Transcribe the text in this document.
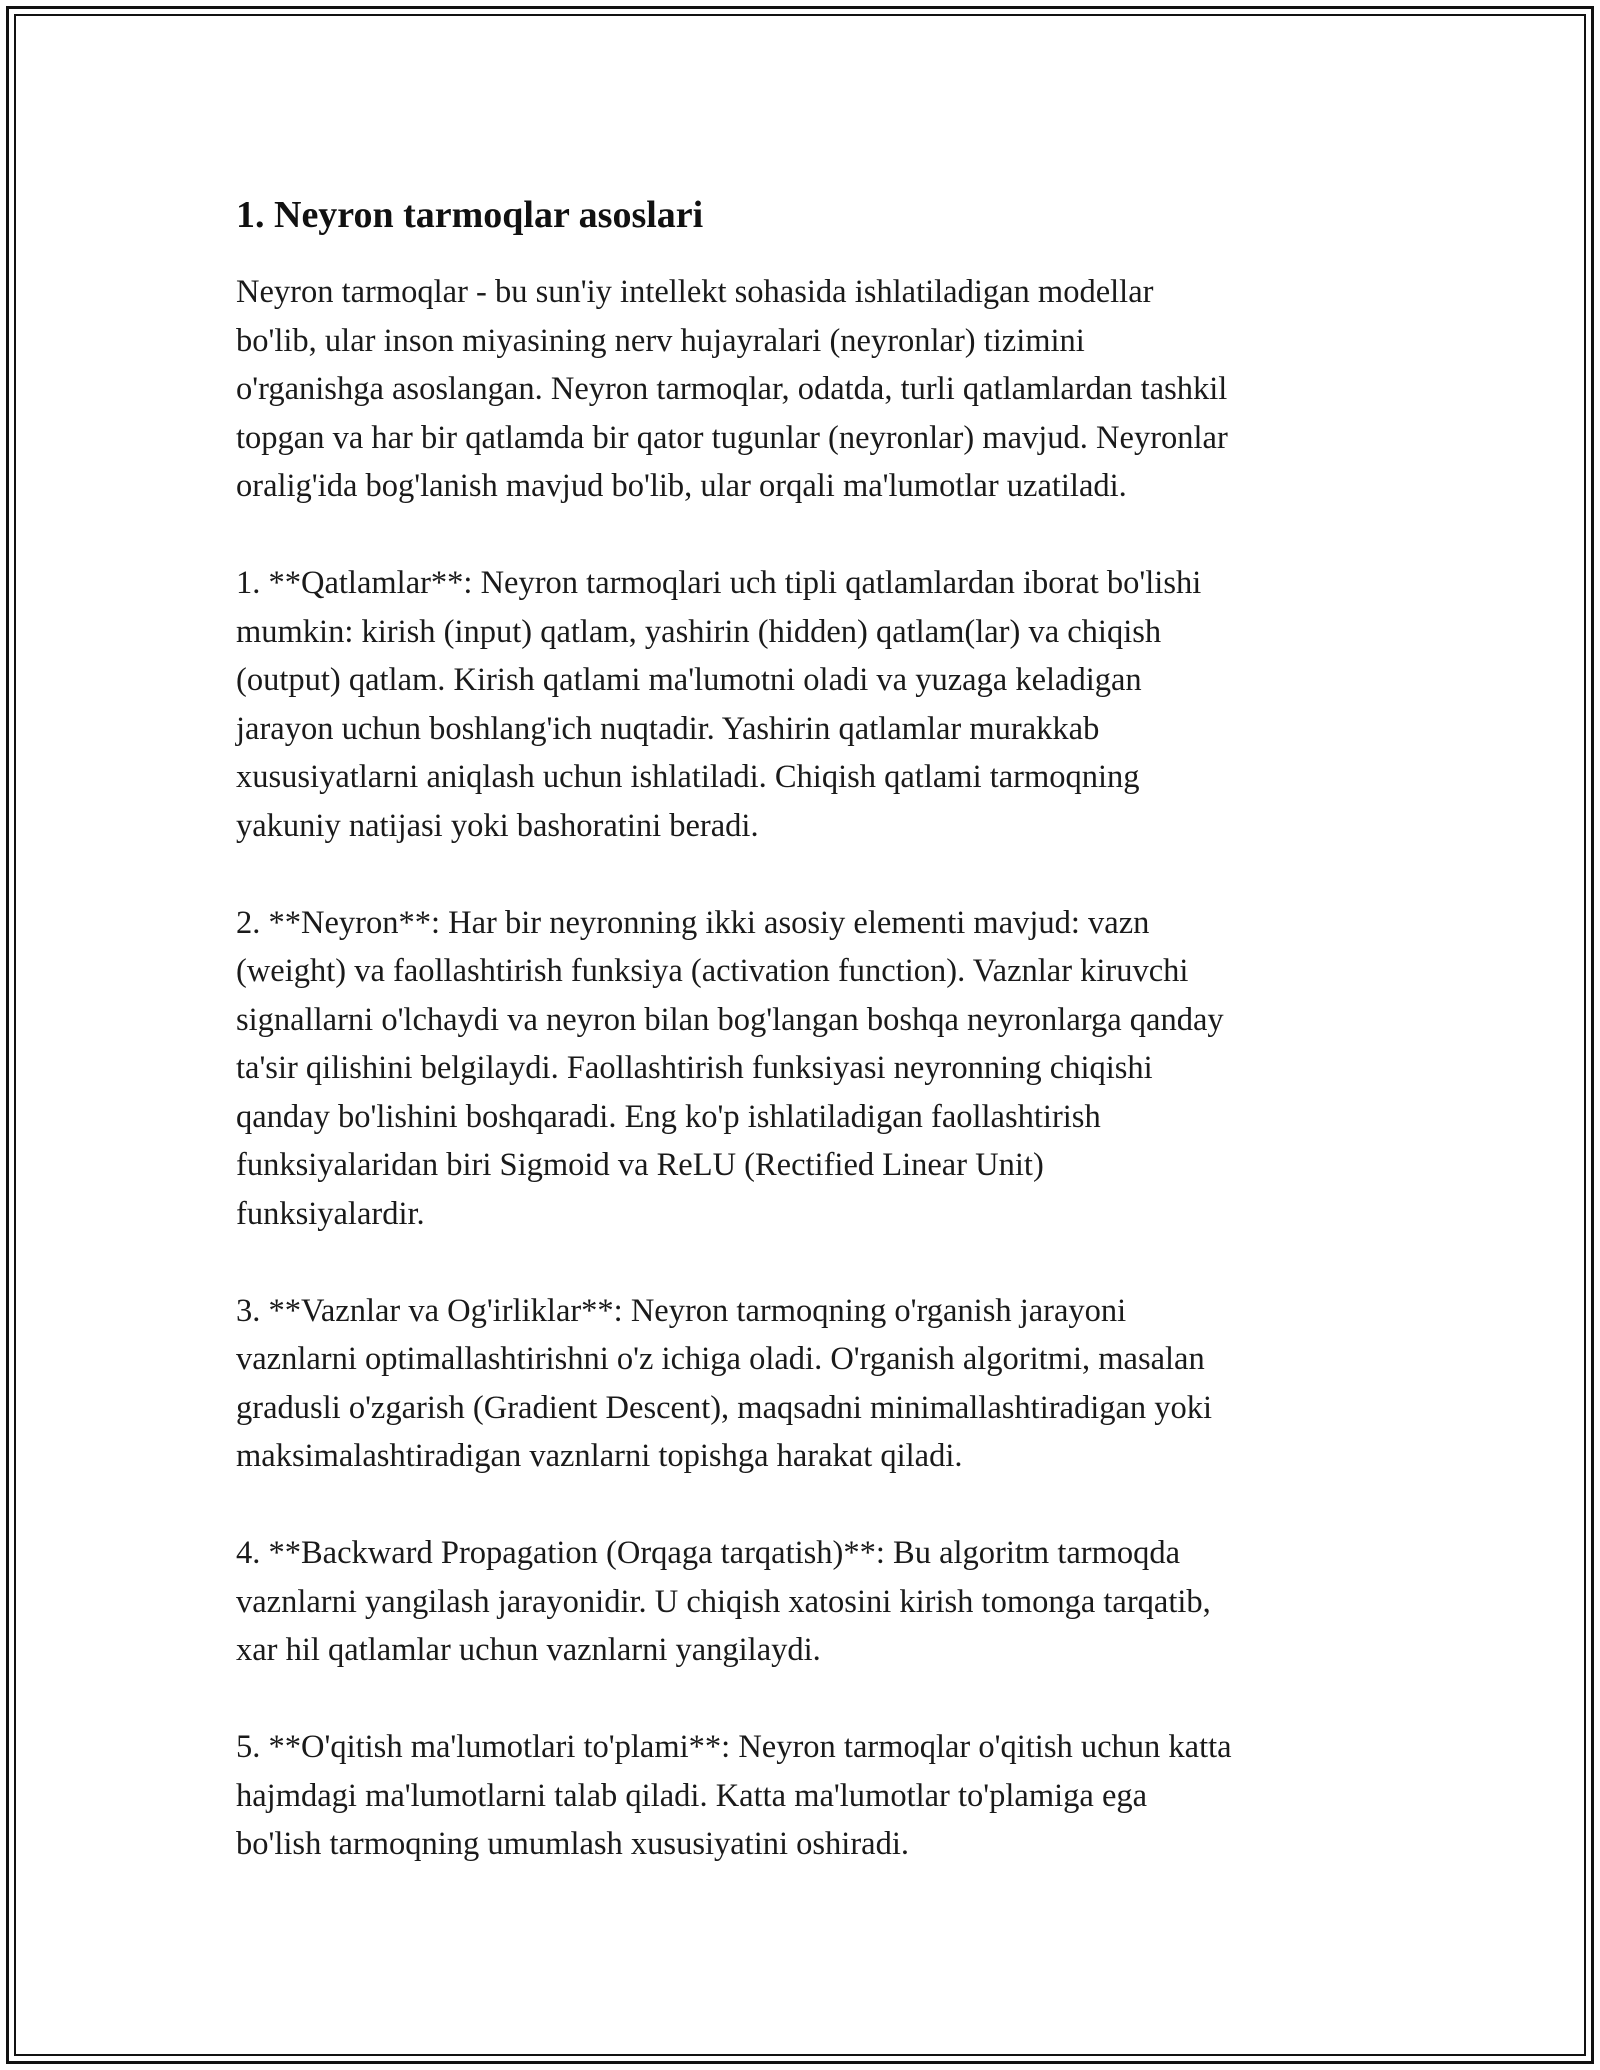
1. Neyron tarmoqlar asoslari

Neyron tarmoqlar - bu sun'iy intellekt sohasida ishlatiladigan modellar
bo'lib, ular inson miyasining nerv hujayralari (neyronlar) tizimini
o'rganishga asoslangan. Neyron tarmoqlar, odatda, turli qatlamlardan tashkil
topgan va har bir qatlamda bir qator tugunlar (neyronlar) mavjud. Neyronlar
oralig'ida bog'lanish mavjud bo'lib, ular orqali ma'lumotlar uzatiladi.

1. **Qatlamlar**: Neyron tarmoqlari uch tipli qatlamlardan iborat bo'lishi
mumkin: kirish (input) qatlam, yashirin (hidden) qatlam(lar) va chiqish
(output) qatlam. Kirish qatlami ma'lumotni oladi va yuzaga keladigan
jarayon uchun boshlang'ich nuqtadir. Yashirin qatlamlar murakkab
xususiyatlarni aniqlash uchun ishlatiladi. Chiqish qatlami tarmoqning
yakuniy natijasi yoki bashoratini beradi.

2. **Neyron**: Har bir neyronning ikki asosiy elementi mavjud: vazn
(weight) va faollashtirish funksiya (activation function). Vaznlar kiruvchi
signallarni o'lchaydi va neyron bilan bog'langan boshqa neyronlarga qanday
ta'sir qilishini belgilaydi. Faollashtirish funksiyasi neyronning chiqishi
qanday bo'lishini boshqaradi. Eng ko'p ishlatiladigan faollashtirish
funksiyalaridan biri Sigmoid va ReLU (Rectified Linear Unit)
funksiyalardir.

3. **Vaznlar va Og'irliklar**: Neyron tarmoqning o'rganish jarayoni
vaznlarni optimallashtirishni o'z ichiga oladi. O'rganish algoritmi, masalan
gradusli o'zgarish (Gradient Descent), maqsadni minimallashtiradigan yoki
maksimalashtiradigan vaznlarni topishga harakat qiladi.

4. **Backward Propagation (Orqaga tarqatish)**: Bu algoritm tarmoqda
vaznlarni yangilash jarayonidir. U chiqish xatosini kirish tomonga tarqatib,
xar hil qatlamlar uchun vaznlarni yangilaydi.

5. **O'qitish ma'lumotlari to'plami**: Neyron tarmoqlar o'qitish uchun katta
hajmdagi ma'lumotlarni talab qiladi. Katta ma'lumotlar to'plamiga ega
bo'lish tarmoqning umumlash xususiyatini oshiradi.
